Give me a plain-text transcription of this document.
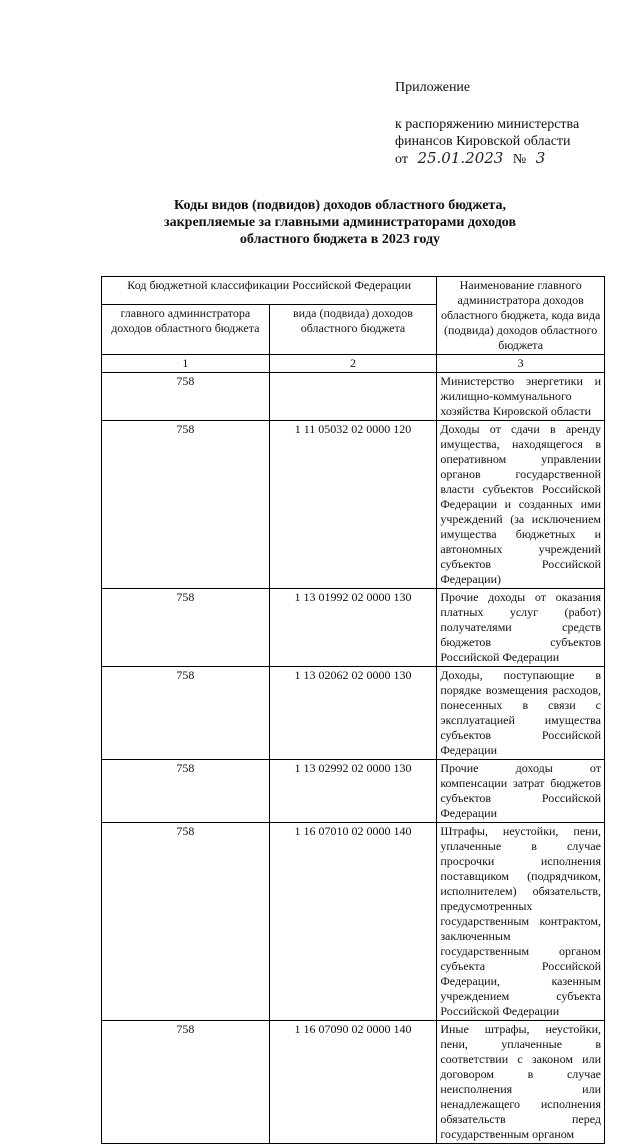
Приложение
к распоряжению министерства
финансов Кировской области
от 25.01.2023 № 3
Коды видов (подвидов) доходов областного бюджета,
закрепляемые за главными администраторами доходов
областного бюджета в 2023 году
Код бюджетной классификации Российской Федерации		Наименование главного администратора доходов областного бюджета, кода вида (подвида) доходов областного бюджета
главного администратора доходов областного бюджета	вида (подвида) доходов областного бюджета	
1	2	3
758		Министерство энергетики и жилищно-коммунального хозяйства Кировской области
758	1 11 05032 02 0000 120	Доходы от сдачи в аренду имущества, находящегося в оперативном управлении органов государственной власти субъектов Российской Федерации и созданных ими учреждений (за исключением имущества бюджетных и автономных учреждений субъектов Российской Федерации)
758	1 13 01992 02 0000 130	Прочие доходы от оказания платных услуг (работ) получателями средств бюджетов субъектов Российской Федерации
758	1 13 02062 02 0000 130	Доходы, поступающие в порядке возмещения расходов, понесенных в связи с эксплуатацией имущества субъектов Российской Федерации
758	1 13 02992 02 0000 130	Прочие доходы от компенсации затрат бюджетов субъектов Российской Федерации
758	1 16 07010 02 0000 140	Штрафы, неустойки, пени, уплаченные в случае просрочки исполнения поставщиком (подрядчиком, исполнителем) обязательств, предусмотренных государственным контрактом, заключенным государственным органом субъекта Российской Федерации, казенным учреждением субъекта Российской Федерации
758	1 16 07090 02 0000 140	Иные штрафы, неустойки, пени, уплаченные в соответствии с законом или договором в случае неисполнения или ненадлежащего исполнения обязательств перед государственным органом
